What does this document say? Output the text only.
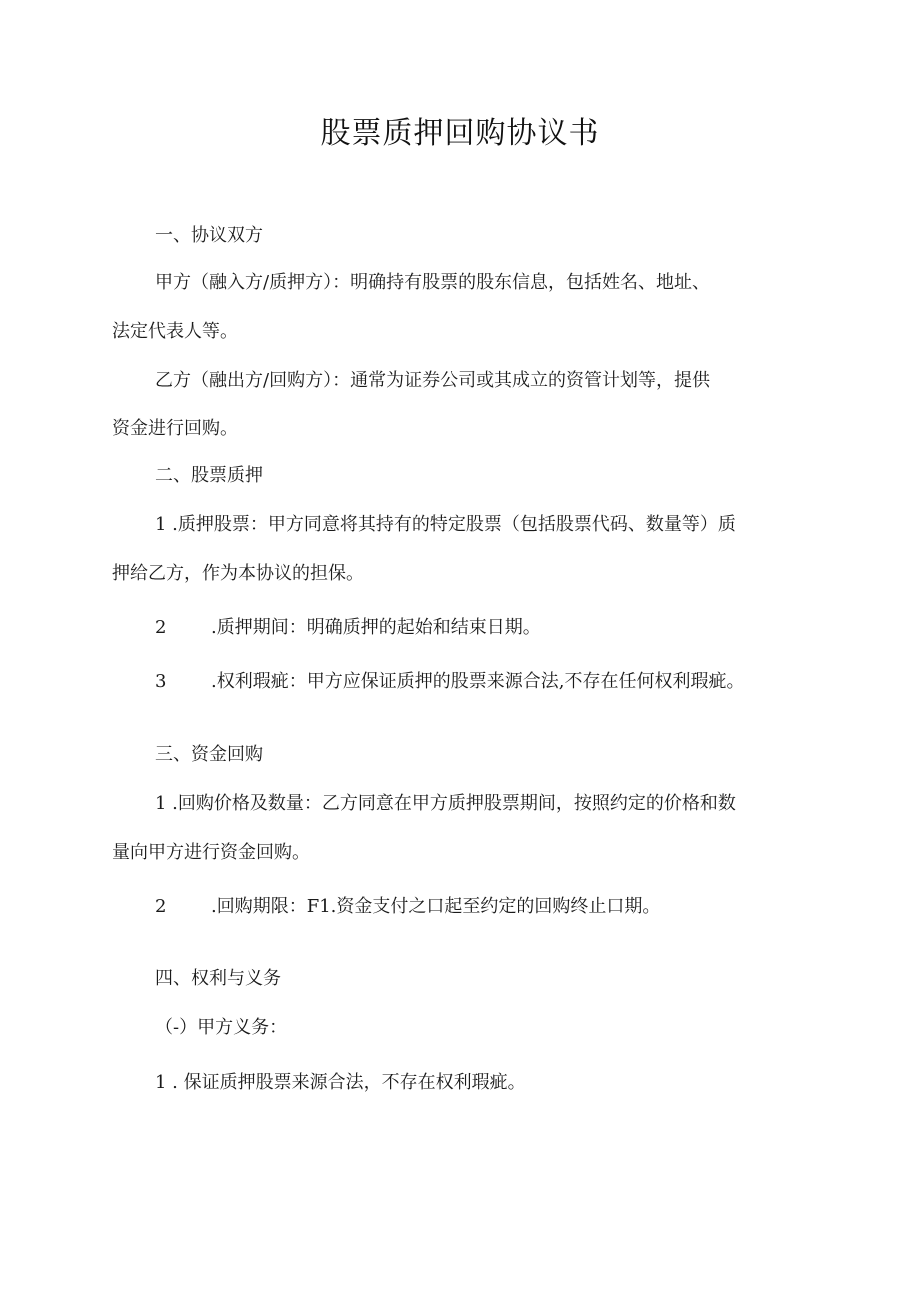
股票质押回购协议书
一、协议双方
甲方（融入方/质押方）：明确持有股票的股东信息，包括姓名、地址、
法定代表人等。
乙方（融出方/回购方）：通常为证券公司或其成立的资管计划等，提供
资金进行回购。
二、股票质押
1 .质押股票：甲方同意将其持有的特定股票（包括股票代码、数量等）质
押给乙方，作为本协议的担保。
2 .质押期间：明确质押的起始和结束日期。
3 .权利瑕疵：甲方应保证质押的股票来源合法,不存在任何权利瑕疵。
三、资金回购
1 .回购价格及数量：乙方同意在甲方质押股票期间，按照约定的价格和数
量向甲方进行资金回购。
2 .回购期限：F1.资金支付之口起至约定的回购终止口期。
四、权利与义务
（-）甲方义务：
1 . 保证质押股票来源合法，不存在权利瑕疵。
